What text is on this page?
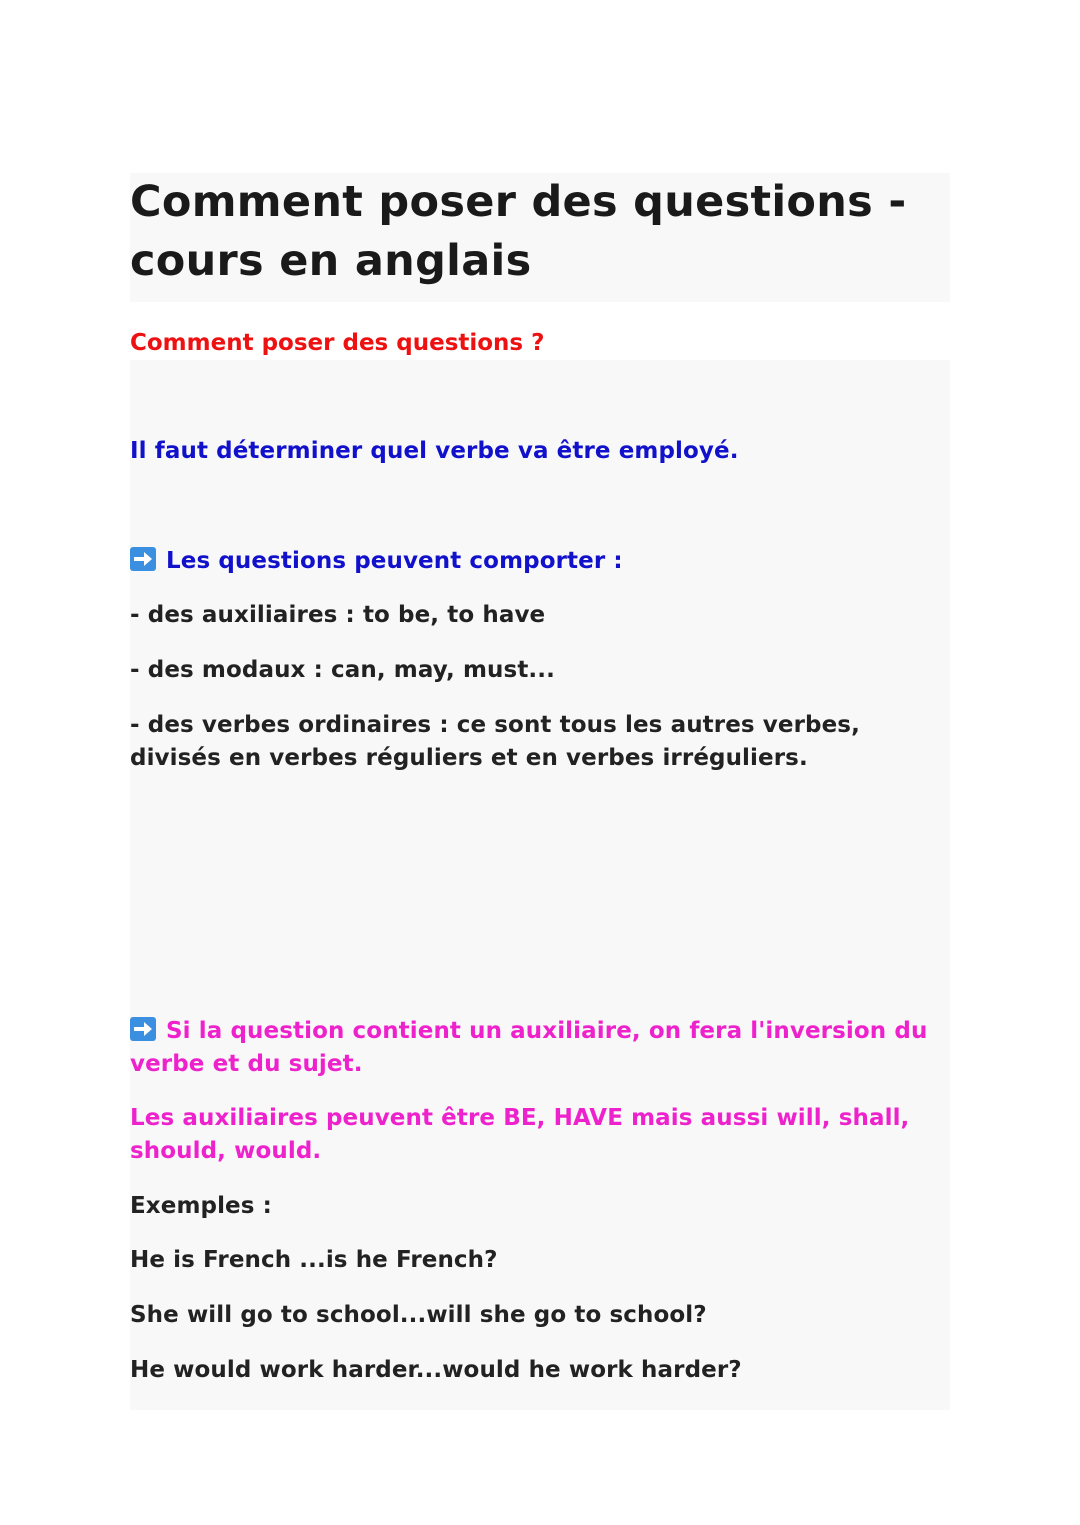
Comment poser des questions -
cours en anglais
Comment poser des questions ?

Il faut déterminer quel verbe va être employé.

Les questions peuvent comporter :

- des auxiliaires : to be, to have

- des modaux : can, may, must...

- des verbes ordinaires : ce sont tous les autres verbes,

divisés en verbes réguliers et en verbes irréguliers.

Si la question contient un auxiliaire, on fera l'inversion du

verbe et du sujet.

Les auxiliaires peuvent être BE, HAVE mais aussi will, shall,

should, would.

Exemples :

He is French ...is he French?

She will go to school...will she go to school?

He would work harder...would he work harder?
